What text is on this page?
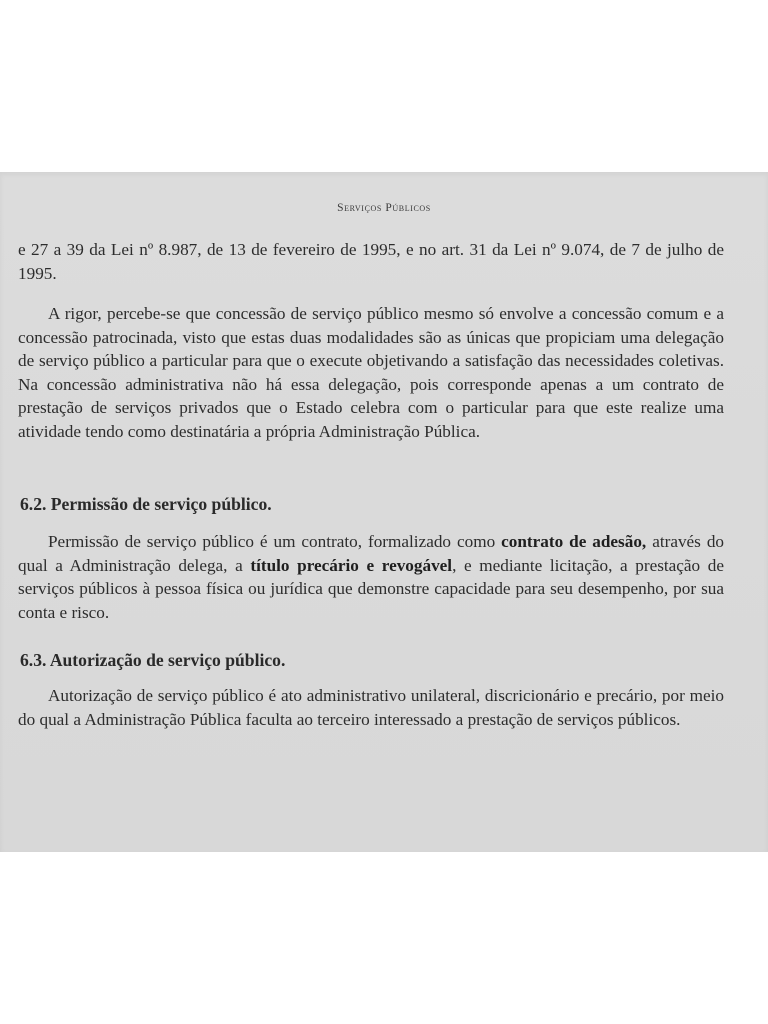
Serviços Públicos

e 27 a 39 da Lei nº 8.987, de 13 de fevereiro de 1995, e no art. 31 da Lei nº 9.074, de 7 de julho de 1995.

A rigor, percebe-se que concessão de serviço público mesmo só envolve a concessão comum e a concessão patrocinada, visto que estas duas modalidades são as únicas que propiciam uma delegação de serviço público a particular para que o execute objetivando a satisfação das necessidades coletivas. Na concessão administrativa não há essa delegação, pois corresponde apenas a um contrato de prestação de serviços privados que o Estado celebra com o particular para que este realize uma atividade tendo como destinatária a própria Administração Pública.

6.2. Permissão de serviço público.

Permissão de serviço público é um contrato, formalizado como contrato de adesão, através do qual a Administração delega, a título precário e revogável, e mediante licitação, a prestação de serviços públicos à pessoa física ou jurídica que demonstre capacidade para seu desempenho, por sua conta e risco.

6.3. Autorização de serviço público.

Autorização de serviço público é ato administrativo unilateral, discricionário e precário, por meio do qual a Administração Pública faculta ao terceiro interessado a prestação de serviços públicos.
